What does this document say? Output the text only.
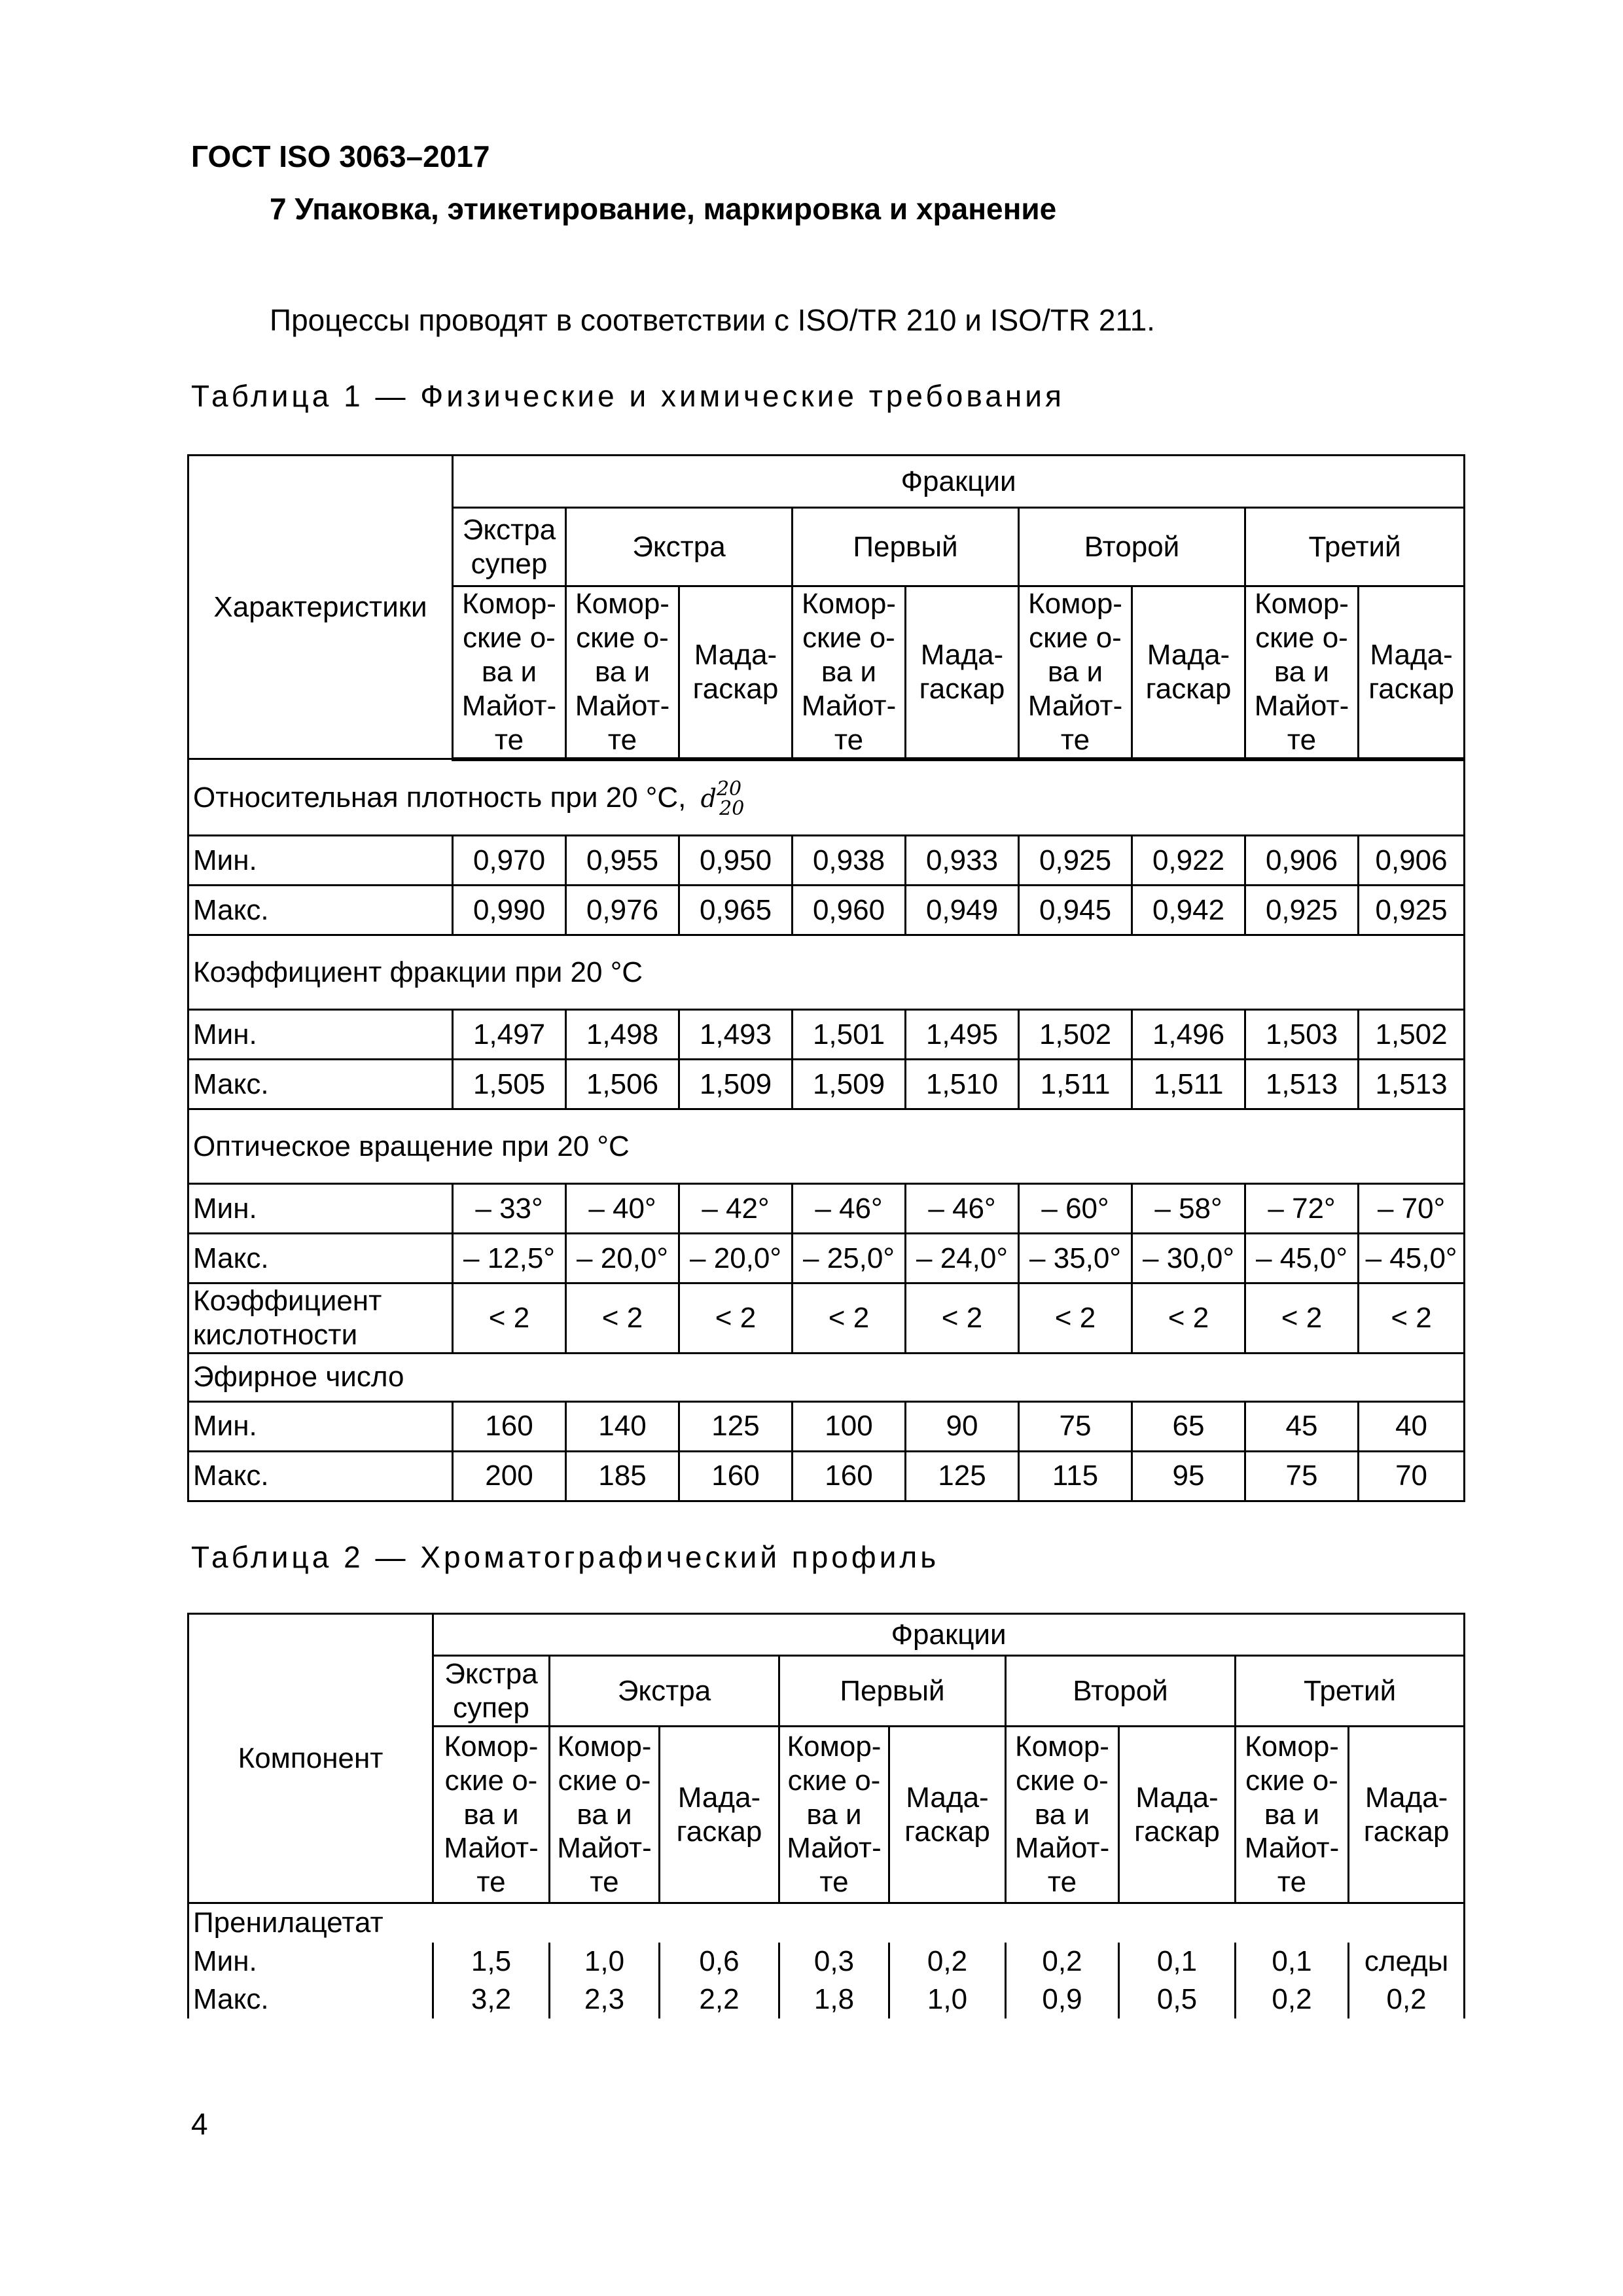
ГОСТ ISO 3063–2017
7 Упаковка, этикетирование, маркировка и хранение
Процессы проводят в соответствии с ISO/TR 210 и ISO/TR 211.
Таблица 1 — Физические и химические требования
Характеристики	Фракции								
	Экстра супер	Экстра		Первый		Второй		Третий	
	Комор-ские о-ва и Майот-те	Комор-ские о-ва и Майот-те	Мада-гаскар	Комор-ские о-ва и Майот-те	Мада-гаскар	Комор-ские о-ва и Майот-те	Мада-гаскар	Комор-ские о-ва и Майот-те	Мада-гаскар
Относительная плотность при 20 °С, $d^{20}_{20}$
Мин.	0,970	0,955	0,950	0,938	0,933	0,925	0,922	0,906	0,906
Макс.	0,990	0,976	0,965	0,960	0,949	0,945	0,942	0,925	0,925
Коэффициент фракции при 20 °С									
Мин.	1,497	1,498	1,493	1,501	1,495	1,502	1,496	1,503	1,502
Макс.	1,505	1,506	1,509	1,509	1,510	1,511	1,511	1,513	1,513
Оптическое вращение при 20 °С									
Мин.	– 33°	– 40°	– 42°	– 46°	– 46°	– 60°	– 58°	– 72°	– 70°
Макс.	– 12,5°	– 20,0°	– 20,0°	– 25,0°	– 24,0°	– 35,0°	– 30,0°	– 45,0°	– 45,0°
Коэффициент кислотности	< 2	< 2	< 2	< 2	< 2	< 2	< 2	< 2	< 2
Эфирное число									
Мин.	160	140	125	100	90	75	65	45	40
Макс.	200	185	160	160	125	115	95	75	70
Таблица 2 — Хроматографический профиль
Компонент	Фракции								
	Экстра супер	Экстра		Первый		Второй		Третий	
	Комор-ские о-ва и Майот-те	Комор-ские о-ва и Майот-те	Мада-гаскар	Комор-ские о-ва и Майот-те	Мада-гаскар	Комор-ские о-ва и Майот-те	Мада-гаскар	Комор-ские о-ва и Майот-те	Мада-гаскар
Пренилацетат									
Мин.	1,5	1,0	0,6	0,3	0,2	0,2	0,1	0,1	следы
Макс.	3,2	2,3	2,2	1,8	1,0	0,9	0,5	0,2	0,2
4
